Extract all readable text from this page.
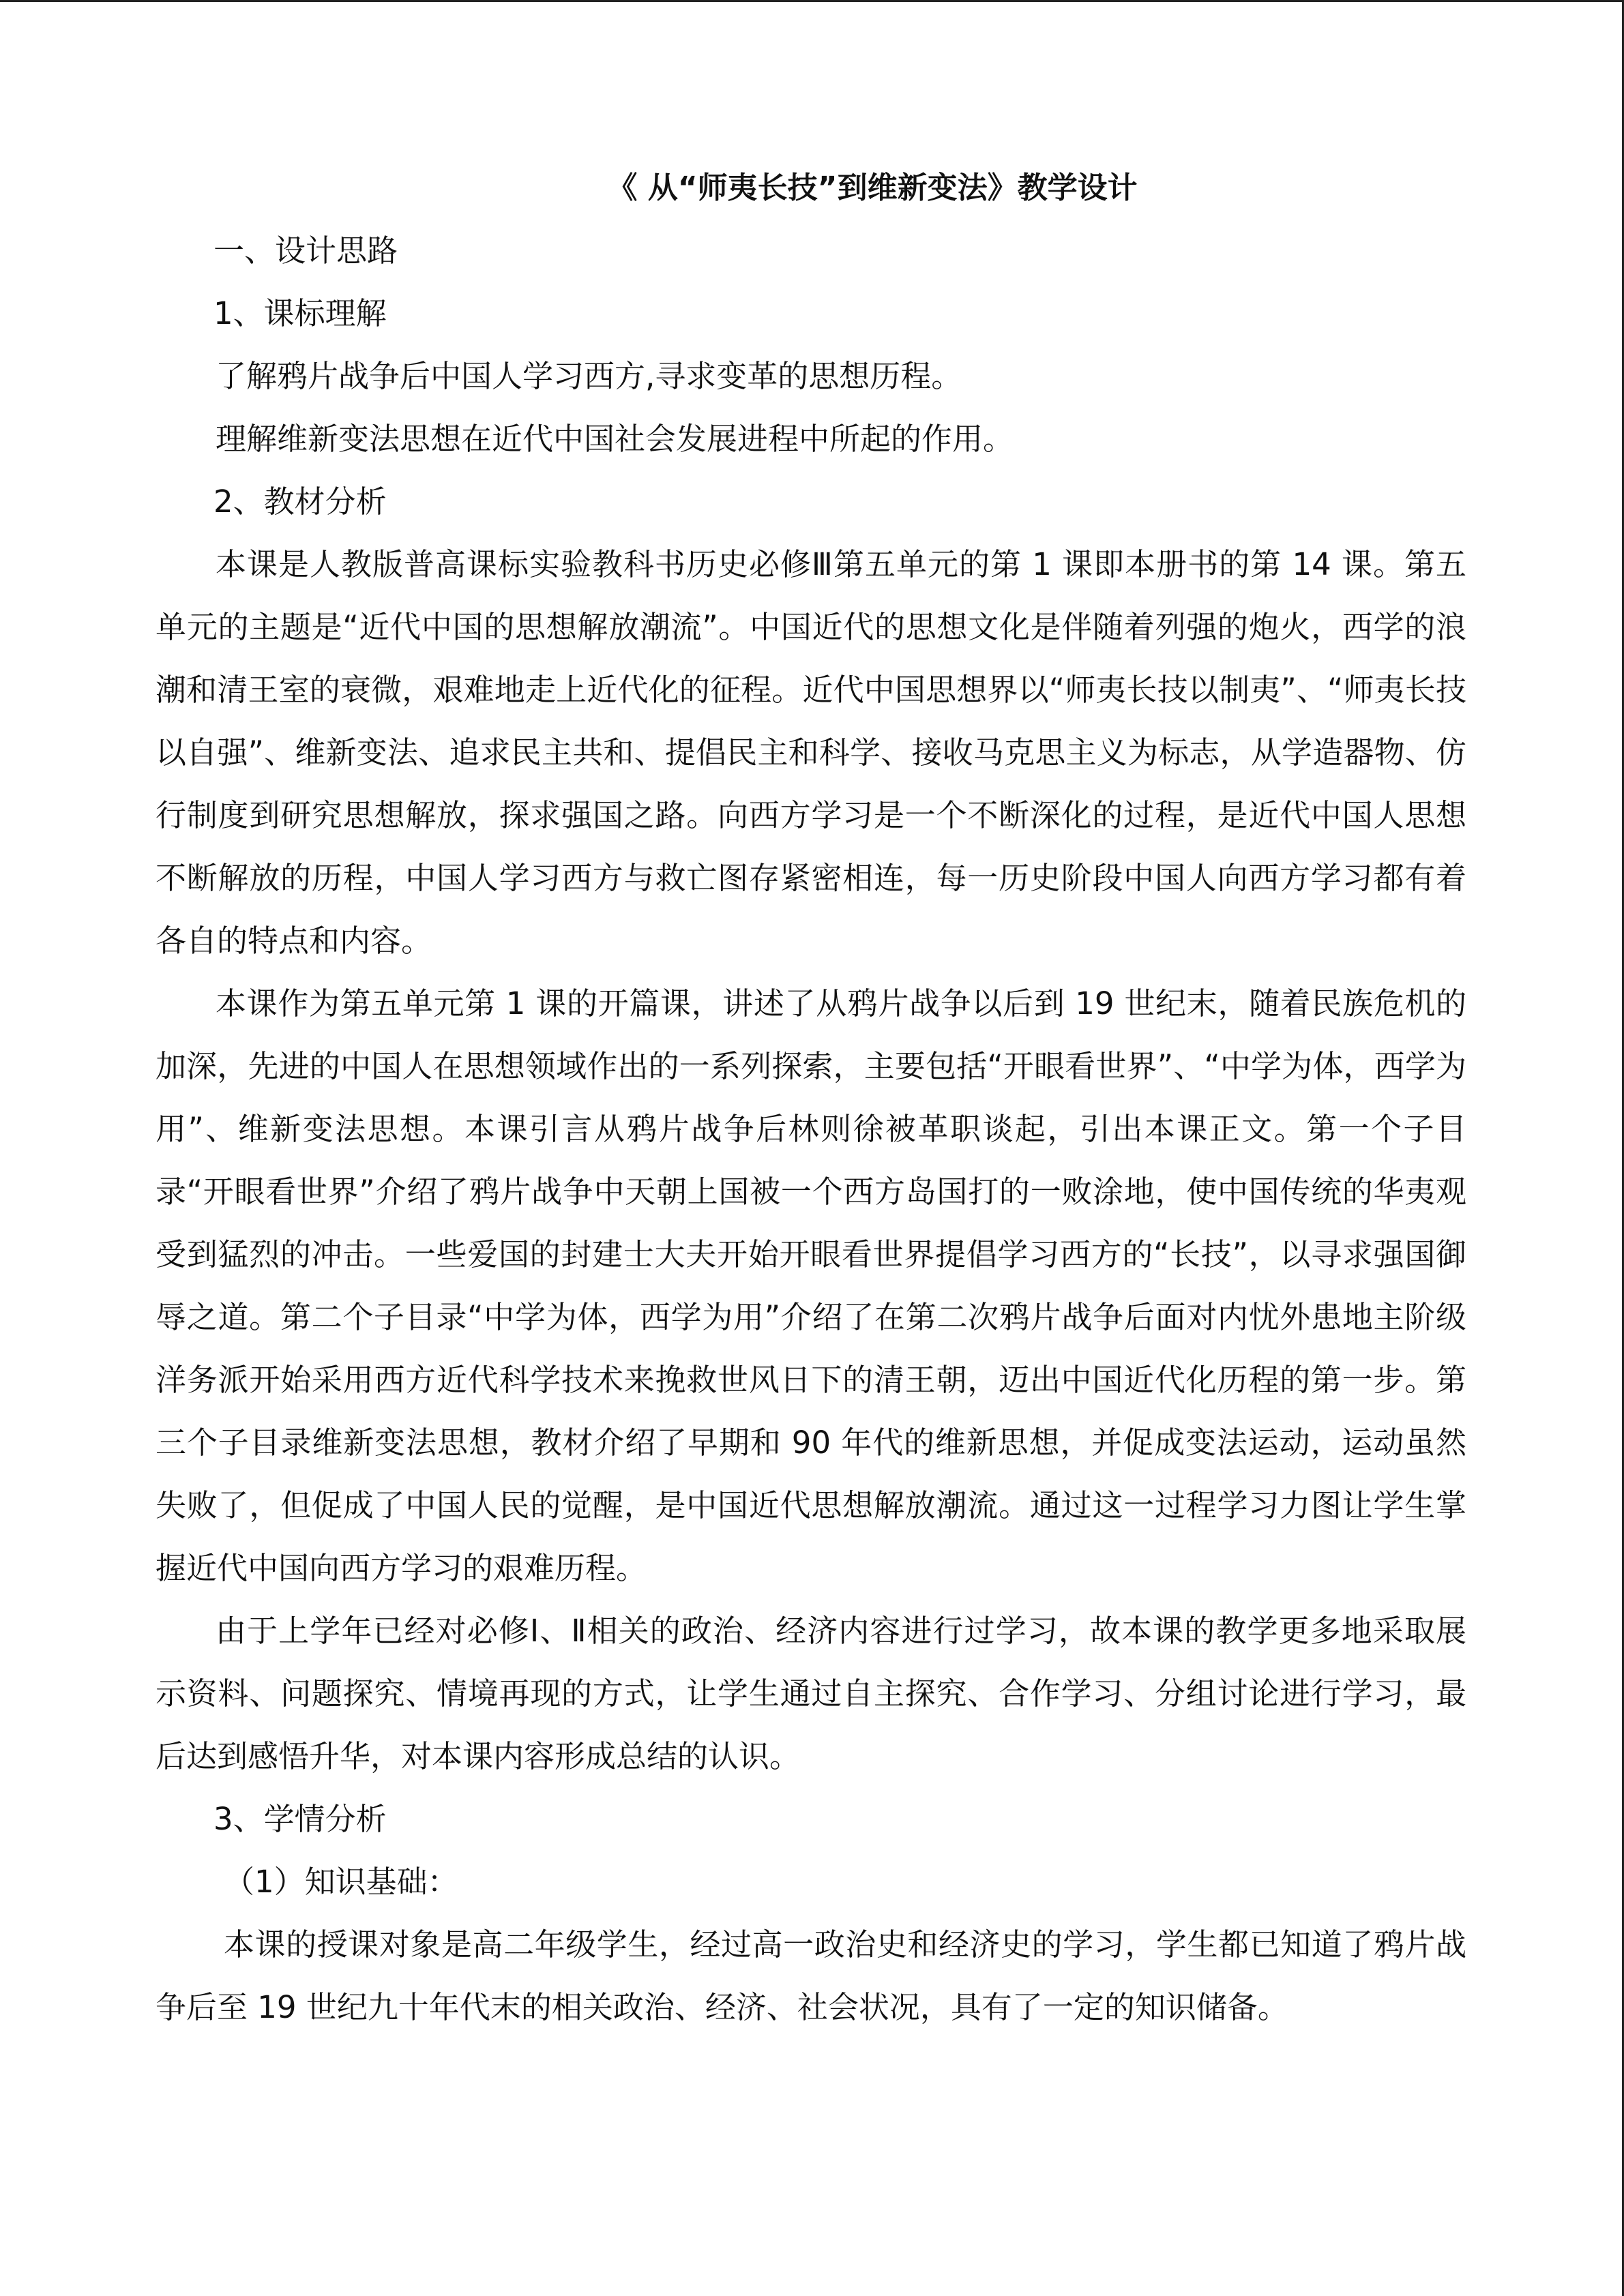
《 从“师夷长技”到维新变法》教学设计

一、设计思路

1、课标理解

了解鸦片战争后中国人学习西方,寻求变革的思想历程。

理解维新变法思想在近代中国社会发展进程中所起的作用。

2、教材分析

本课是人教版普高课标实验教科书历史必修Ⅲ第五单元的第 1 课即本册书的第 14 课。第五单元的主题是“近代中国的思想解放潮流”。中国近代的思想文化是伴随着列强的炮火，西学的浪潮和清王室的衰微，艰难地走上近代化的征程。近代中国思想界以“师夷长技以制夷”、“师夷长技以自强”、维新变法、追求民主共和、提倡民主和科学、接收马克思主义为标志，从学造器物、仿行制度到研究思想解放，探求强国之路。向西方学习是一个不断深化的过程，是近代中国人思想不断解放的历程，中国人学习西方与救亡图存紧密相连，每一历史阶段中国人向西方学习都有着各自的特点和内容。

本课作为第五单元第 1 课的开篇课，讲述了从鸦片战争以后到 19 世纪末，随着民族危机的加深，先进的中国人在思想领域作出的一系列探索，主要包括“开眼看世界”、“中学为体，西学为用”、维新变法思想。本课引言从鸦片战争后林则徐被革职谈起，引出本课正文。第一个子目录“开眼看世界”介绍了鸦片战争中天朝上国被一个西方岛国打的一败涂地，使中国传统的华夷观受到猛烈的冲击。一些爱国的封建士大夫开始开眼看世界提倡学习西方的“长技”，以寻求强国御辱之道。第二个子目录“中学为体，西学为用”介绍了在第二次鸦片战争后面对内忧外患地主阶级洋务派开始采用西方近代科学技术来挽救世风日下的清王朝，迈出中国近代化历程的第一步。第三个子目录维新变法思想，教材介绍了早期和 90 年代的维新思想，并促成变法运动，运动虽然失败了，但促成了中国人民的觉醒，是中国近代思想解放潮流。通过这一过程学习力图让学生掌握近代中国向西方学习的艰难历程。

由于上学年已经对必修Ⅰ、Ⅱ相关的政治、经济内容进行过学习，故本课的教学更多地采取展示资料、问题探究、情境再现的方式，让学生通过自主探究、合作学习、分组讨论进行学习，最后达到感悟升华，对本课内容形成总结的认识。

3、学情分析

（1）知识基础：

本课的授课对象是高二年级学生，经过高一政治史和经济史的学习，学生都已知道了鸦片战争后至 19 世纪九十年代末的相关政治、经济、社会状况，具有了一定的知识储备。
